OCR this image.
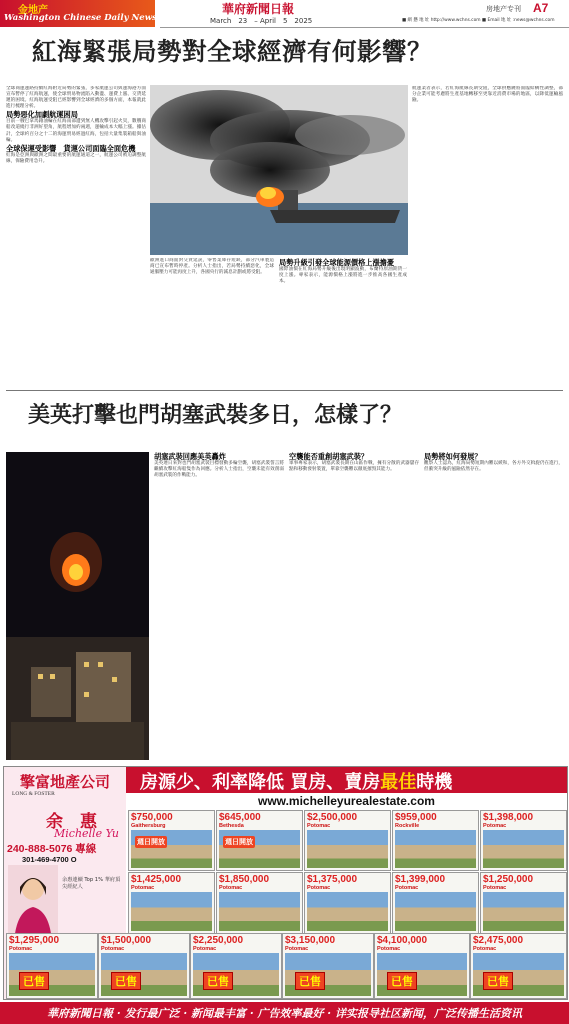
金地产
Washington Chinese Daily News
華府新聞日報
March　23　– April　5　2025
房地产专刊 A7
■ 網 懸 地 址 http://www.wchns.com ■ Email 地 址 :news@wchns.com
紅海緊張局勢對全球經濟有何影響？

全球商運運路持續紅海附近局勢的緊張，多家航運公司與運海港方面宣布暫停了紅海航運，使全球貿易物流陷入動盪、運費上漲、交貨延遲的困境。紅海航運受阻已經影響到全球經濟的多個方面，本報就此進行梳理分析。

局勢惡化加劇航運困局

目前一艘巴拿馬籍油輪在紅海南部遭到無人機攻擊引起火災，數艘商船改道繞行非洲好望角，航程增加約兩週，運輸成本大幅上漲。據估計，全球約百分之十二的海運貿易經過紅海，包括大量集裝箱船與油輪。

全球保運受影響　貨運公司面臨全面危機

紅海是亞洲與歐洲之間最重要的航運通道之一，航運公司被迫調整航線，保險費用急升。

歐洲進口商面對交貨延誤，零售業庫存短缺，部分汽車製造商已宣布暫時停產。分析人士指出，若局勢持續惡化，全球通脹壓力可能再度上升，各國央行的減息計劃或將受阻。

局勢升級引發全球能源價格上漲擔憂

國際油價在紅海局勢升級後出現明顯波動，布蘭特原油期貨一度上漲。專家表示，能源價格上漲將進一步推高各國生產成本。

航運業者表示，若紅海航線長期受阻，全球供應鏈將面臨結構性調整，部分企業可能考慮將生產基地轉移至更靠近消費市場的地區，以降低運輸風險。

美英打擊也門胡塞武裝多日，怎樣了？

胡塞武裝回應美英轟炸

美英連日來對也門胡塞武裝目標發動多輪空襲，胡塞武裝誓言將繼續攻擊紅海船隻作為回應。分析人士指出，空襲未能有效削弱胡塞武裝的作戰能力。

空襲能否重創胡塞武裝？

軍事專家表示，胡塞武裝長期在山區作戰，擁有分散的武器儲存點和移動發射裝置，單靠空襲難以徹底摧毀其能力。

局勢將如何發展？

觀察人士認為，紅海局勢短期內難以緩和，各方外交斡旋仍在進行，但衝突升級的風險依然存在。

擎富地產公司
LONG & FOSTER
余　惠
Michelle Yu
240-888-5076 專線
301-469-4700 O
余惠連續 Top 1% 華府頂尖經紀人
房源少、利率降低 買房、賣房最佳時機
www.michelleyurealestate.com
$750,000
Gaithersburg
週日開放
$645,000
Bethesda
週日開放
$2,500,000
Potomac
$959,000
Rockville
$1,398,000
Potomac
$1,425,000
Potomac
$1,850,000
Potomac
$1,375,000
Potomac
$1,399,000
Potomac
$1,250,000
Potomac
$1,295,000
Potomac
已售
$1,500,000
Potomac
已售
$2,250,000
Potomac
已售
$3,150,000
Potomac
已售
$4,100,000
Potomac
已售
$2,475,000
Potomac
已售
華府新聞日報 · 发行最广泛 · 新闻最丰富 · 广告效率最好 · 详实报导社区新闻，广泛传播生活资讯
